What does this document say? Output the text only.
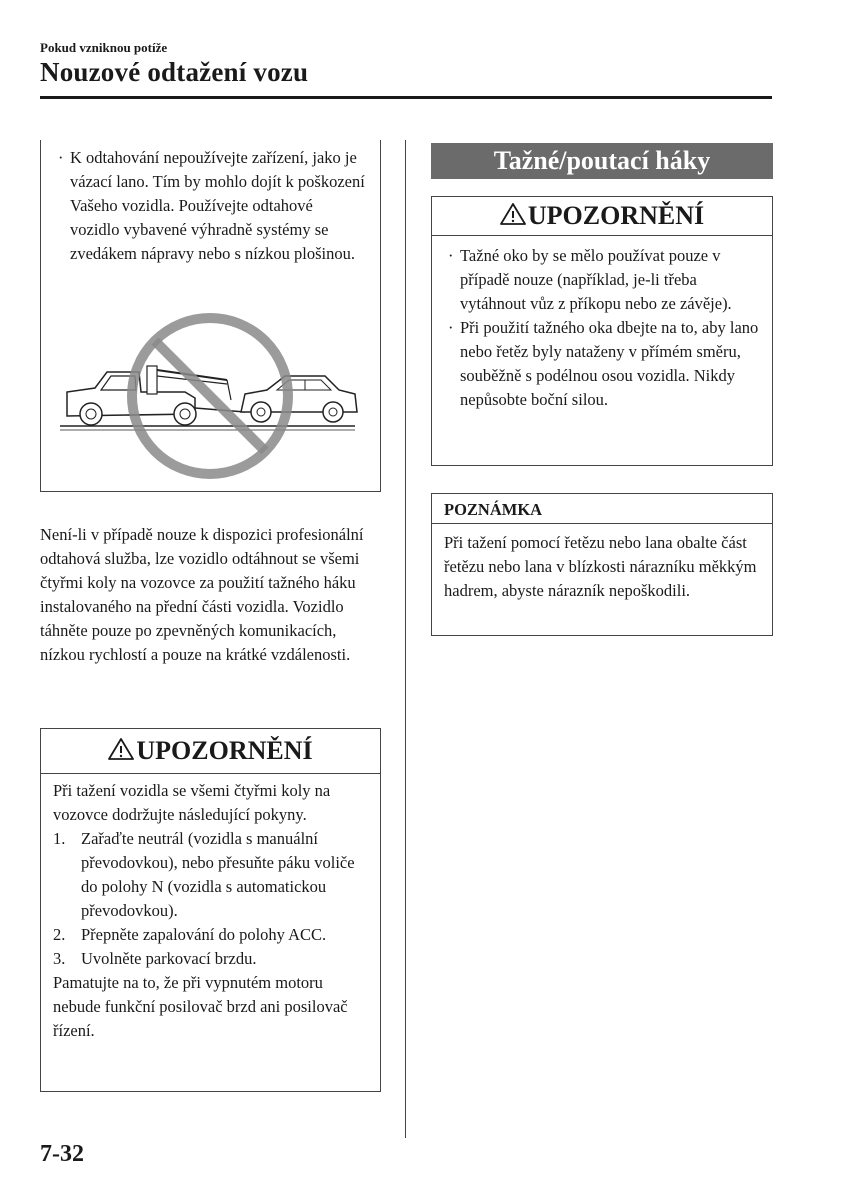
Pokud vzniknou potíže
Nouzové odtažení vozu
· K odtahování nepoužívejte zařízení, jako je vázací lano. Tím by mohlo dojít k poškození Vašeho vozidla. Používejte odtahové vozidlo vybavené výhradně systémy se zvedákem nápravy nebo s nízkou plošinou.
Není-li v případě nouze k dispozici profesionální odtahová služba, lze vozidlo odtáhnout se všemi čtyřmi koly na vozovce za použití tažného háku instalovaného na přední části vozidla. Vozidlo táhněte pouze po zpevněných komunikacích, nízkou rychlostí a pouze na krátké vzdálenosti.
UPOZORNĚNÍ
Při tažení vozidla se všemi čtyřmi koly na vozovce dodržujte následující pokyny.
1. Zařaďte neutrál (vozidla s manuální převodovkou), nebo přesuňte páku voliče do polohy N (vozidla s automatickou převodovkou).
2. Přepněte zapalování do polohy ACC.
3. Uvolněte parkovací brzdu.
Pamatujte na to, že při vypnutém motoru nebude funkční posilovač brzd ani posilovač řízení.
Tažné/poutací háky
UPOZORNĚNÍ
· Tažné oko by se mělo používat pouze v případě nouze (například, je-li třeba vytáhnout vůz z příkopu nebo ze závěje).
· Při použití tažného oka dbejte na to, aby lano nebo řetěz byly nataženy v přímém směru, souběžně s podélnou osou vozidla. Nikdy nepůsobte boční silou.
POZNÁMKA
Při tažení pomocí řetězu nebo lana obalte část řetězu nebo lana v blízkosti nárazníku měkkým hadrem, abyste nárazník nepoškodili.
7-32
